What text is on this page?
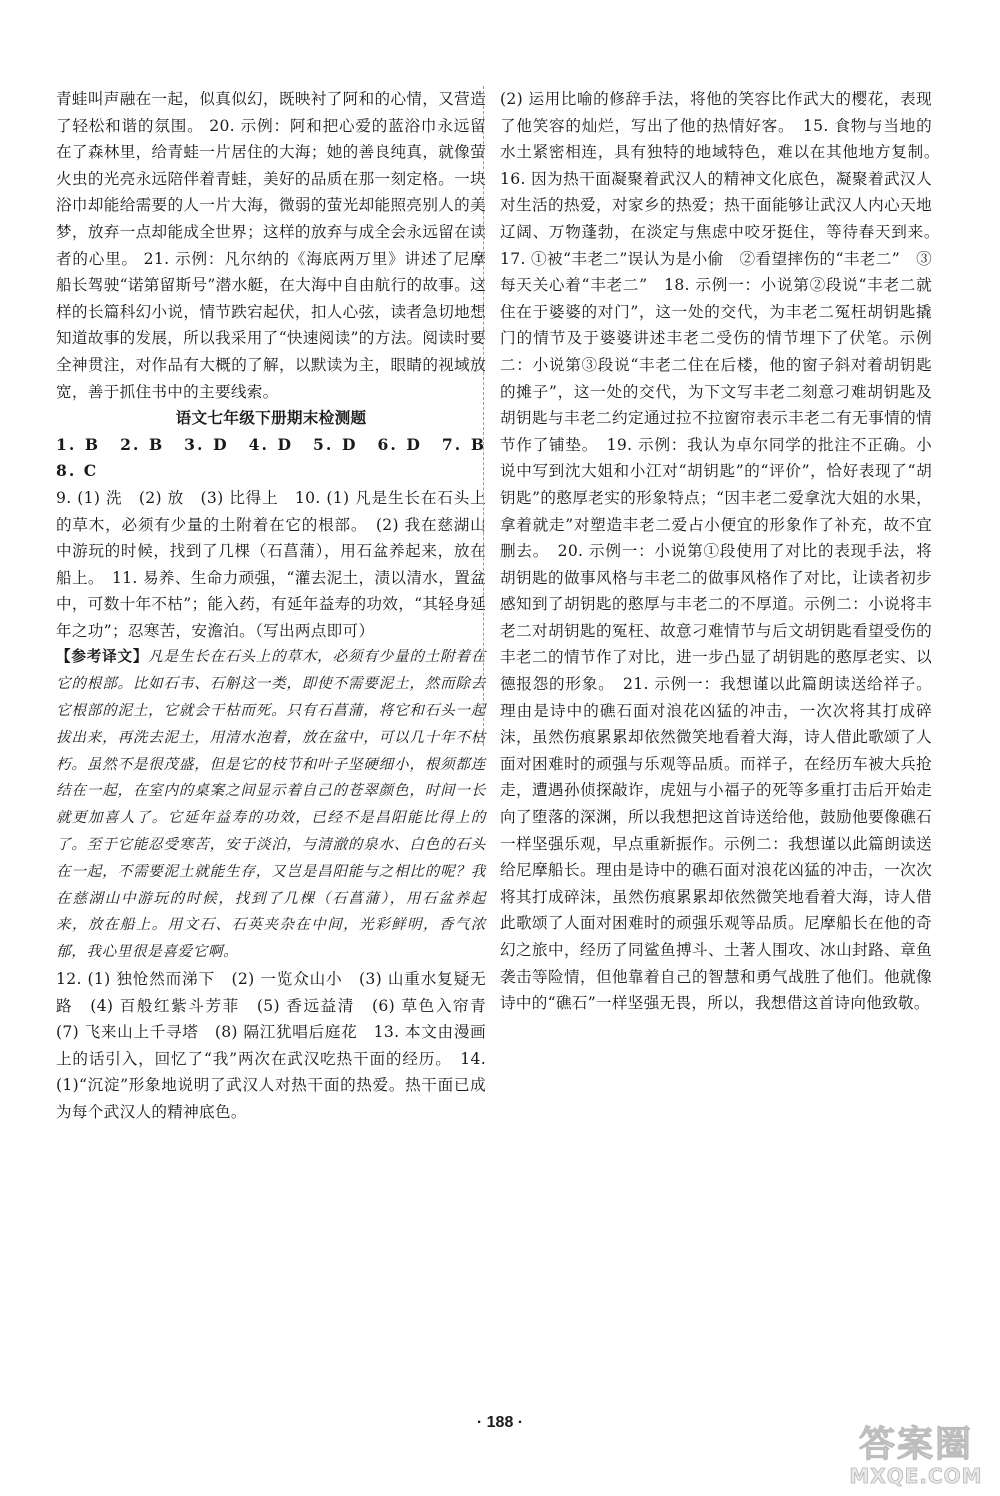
青蛙叫声融在一起，似真似幻，既映衬了阿和的心情，又营造了轻松和谐的氛围。 20. 示例：阿和把心爱的蓝浴巾永远留在了森林里，给青蛙一片居住的大海；她的善良纯真，就像萤火虫的光亮永远陪伴着青蛙，美好的品质在那一刻定格。一块浴巾却能给需要的人一片大海，微弱的萤光却能照亮别人的美梦，放弃一点却能成全世界；这样的放弃与成全会永远留在读者的心里。 21. 示例：凡尔纳的《海底两万里》讲述了尼摩船长驾驶“诺第留斯号”潜水艇，在大海中自由航行的故事。这样的长篇科幻小说，情节跌宕起伏，扣人心弦，读者急切地想知道故事的发展，所以我采用了“快速阅读”的方法。阅读时要全神贯注，对作品有大概的了解，以默读为主，眼睛的视域放宽，善于抓住书中的主要线索。

语文七年级下册期末检测题

1. B　2. B　3. D　4. D　5. D　6. D　7. B　8. C

9. (1) 洗　(2) 放　(3) 比得上　10. (1) 凡是生长在石头上的草木，必须有少量的土附着在它的根部。　(2) 我在慈湖山中游玩的时候，找到了几棵（石菖蒲），用石盆养起来，放在船上。　11. 易养、生命力顽强，“灌去泥土，渍以清水，置盆中，可数十年不枯”；能入药，有延年益寿的功效，“其轻身延年之功”；忍寒苦，安澹泊。（写出两点即可）

【参考译文】凡是生长在石头上的草木，必须有少量的土附着在它的根部。比如石韦、石斛这一类，即使不需要泥土，然而除去它根部的泥土，它就会干枯而死。只有石菖蒲，将它和石头一起拔出来，再洗去泥土，用清水泡着，放在盆中，可以几十年不枯朽。虽然不是很茂盛，但是它的枝节和叶子坚硬细小，根须都连结在一起，在室内的桌案之间显示着自己的苍翠颜色，时间一长就更加喜人了。它延年益寿的功效，已经不是昌阳能比得上的了。至于它能忍受寒苦，安于淡泊，与清澈的泉水、白色的石头在一起，不需要泥土就能生存，又岂是昌阳能与之相比的呢？我在慈湖山中游玩的时候，找到了几棵（石菖蒲），用石盆养起来，放在船上。用文石、石英夹杂在中间，光彩鲜明，香气浓郁，我心里很是喜爱它啊。

12. (1) 独怆然而涕下　(2) 一览众山小　(3) 山重水复疑无路　(4) 百般红紫斗芳菲　(5) 香远益清　(6) 草色入帘青　(7) 飞来山上千寻塔　(8) 隔江犹唱后庭花　13. 本文由漫画上的话引入，回忆了“我”两次在武汉吃热干面的经历。　14. (1)“沉淀”形象地说明了武汉人对热干面的热爱。热干面已成为每个武汉人的精神底色。

(2) 运用比喻的修辞手法，将他的笑容比作武大的樱花，表现了他笑容的灿烂，写出了他的热情好客。　15. 食物与当地的水土紧密相连，具有独特的地域特色，难以在其他地方复制。　16. 因为热干面凝聚着武汉人的精神文化底色，凝聚着武汉人对生活的热爱，对家乡的热爱；热干面能够让武汉人内心天地辽阔、万物蓬勃，在淡定与焦虑中咬牙挺住，等待春天到来。　17. ①被“丰老二”误认为是小偷　②看望摔伤的“丰老二”　③每天关心着“丰老二”　18. 示例一：小说第②段说“丰老二就住在于婆婆的对门”，这一处的交代，为丰老二冤枉胡钥匙撬门的情节及于婆婆讲述丰老二受伤的情节埋下了伏笔。示例二：小说第③段说“丰老二住在后楼，他的窗子斜对着胡钥匙的摊子”，这一处的交代，为下文写丰老二刻意刁难胡钥匙及胡钥匙与丰老二约定通过拉不拉窗帘表示丰老二有无事情的情节作了铺垫。　19. 示例：我认为卓尔同学的批注不正确。小说中写到沈大姐和小江对“胡钥匙”的“评价”，恰好表现了“胡钥匙”的憨厚老实的形象特点；“因丰老二爱拿沈大姐的水果，拿着就走”对塑造丰老二爱占小便宜的形象作了补充，故不宜删去。　20. 示例一：小说第①段使用了对比的表现手法，将胡钥匙的做事风格与丰老二的做事风格作了对比，让读者初步感知到了胡钥匙的憨厚与丰老二的不厚道。示例二：小说将丰老二对胡钥匙的冤枉、故意刁难情节与后文胡钥匙看望受伤的丰老二的情节作了对比，进一步凸显了胡钥匙的憨厚老实、以德报怨的形象。　21. 示例一：我想谨以此篇朗读送给祥子。理由是诗中的礁石面对浪花凶猛的冲击，一次次将其打成碎沫，虽然伤痕累累却依然微笑地看着大海，诗人借此歌颂了人面对困难时的顽强与乐观等品质。而祥子，在经历车被大兵抢走，遭遇孙侦探敲诈，虎妞与小福子的死等多重打击后开始走向了堕落的深渊，所以我想把这首诗送给他，鼓励他要像礁石一样坚强乐观，早点重新振作。示例二：我想谨以此篇朗读送给尼摩船长。理由是诗中的礁石面对浪花凶猛的冲击，一次次将其打成碎沫，虽然伤痕累累却依然微笑地看着大海，诗人借此歌颂了人面对困难时的顽强乐观等品质。尼摩船长在他的奇幻之旅中，经历了同鲨鱼搏斗、土著人围攻、冰山封路、章鱼袭击等险情，但他靠着自己的智慧和勇气战胜了他们。他就像诗中的“礁石”一样坚强无畏，所以，我想借这首诗向他致敬。

· 188 ·
答案圈
MXQE.COM
